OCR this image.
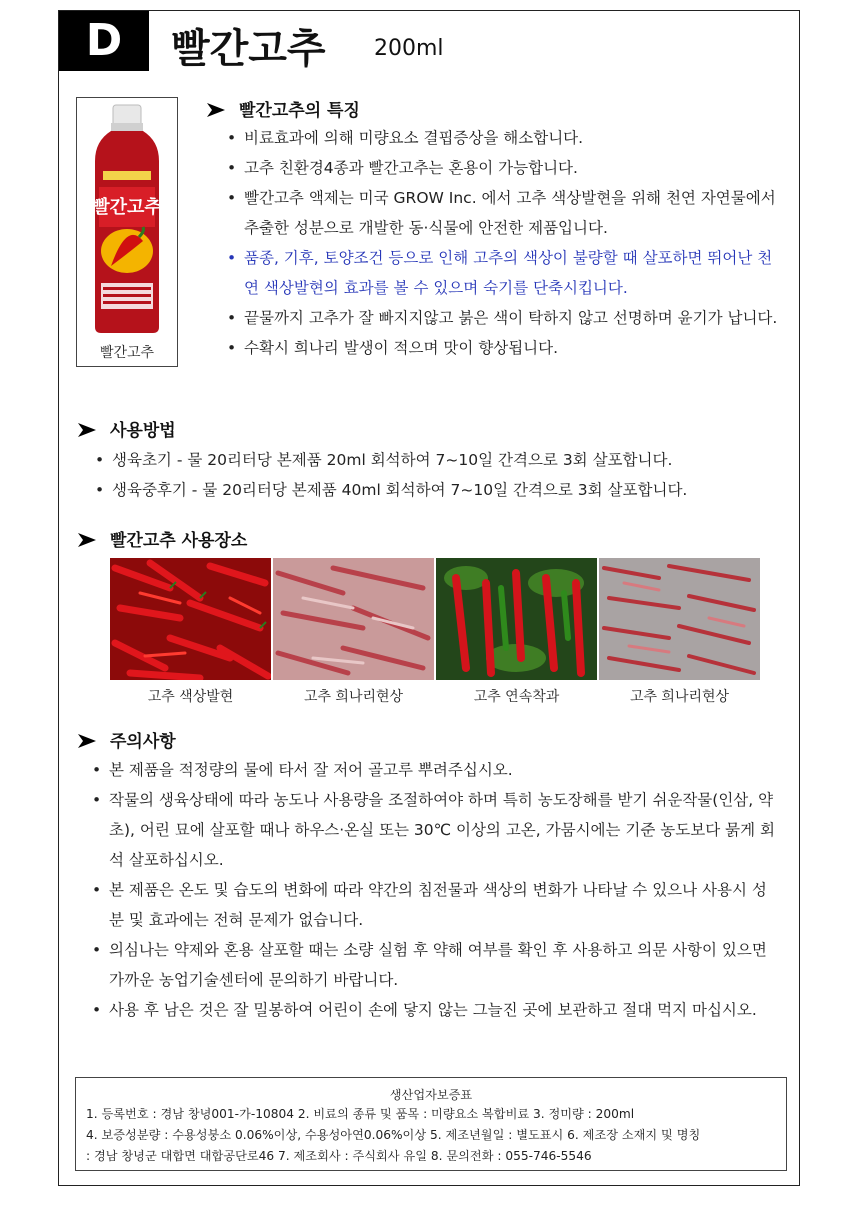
D	빨간고추 200ml
빨간고추
빨간고추
빨간고추의 특징
• 비료효과에 의해 미량요소 결핍증상을 해소합니다.
• 고추 친환경4종과 빨간고추는 혼용이 가능합니다.
• 빨간고추 액제는 미국 GROW Inc. 에서 고추 색상발현을 위해 천연 자연물에서 추출한 성분으로 개발한 동·식물에 안전한 제품입니다.
• 품종, 기후, 토양조건 등으로 인해 고추의 색상이 불량할 때 살포하면 뛰어난 천연 색상발현의 효과를 볼 수 있으며 숙기를 단축시킵니다.
• 끝물까지 고추가 잘 빠지지않고 붉은 색이 탁하지 않고 선명하며 윤기가 납니다.
• 수확시 희나리 발생이 적으며 맛이 향상됩니다.
사용방법
• 생육초기 - 물 20리터당 본제품 20ml 회석하여 7~10일 간격으로 3회 살포합니다.
• 생육중후기 - 물 20리터당 본제품 40ml 회석하여 7~10일 간격으로 3회 살포합니다.
빨간고추 사용장소
고추 색상발현	고추 희나리현상	고추 연속착과	고추 희나리현상
주의사항
• 본 제품을 적정량의 물에 타서 잘 저어 골고루 뿌려주십시오.
• 작물의 생육상태에 따라 농도나 사용량을 조절하여야 하며 특히 농도장해를 받기 쉬운작물(인삼, 약초), 어린 묘에 살포할 때나 하우스·온실 또는 30℃ 이상의 고온, 가뭄시에는 기준 농도보다 묽게 회석 살포하십시오.
• 본 제품은 온도 및 습도의 변화에 따라 약간의 침전물과 색상의 변화가 나타날 수 있으나 사용시 성분 및 효과에는 전혀 문제가 없습니다.
• 의심나는 약제와 혼용 살포할 때는 소량 실험 후 약해 여부를 확인 후 사용하고 의문 사항이 있으면 가까운 농업기술센터에 문의하기 바랍니다.
• 사용 후 남은 것은 잘 밀봉하여 어린이 손에 닿지 않는 그늘진 곳에 보관하고 절대 먹지 마십시오.
생산업자보증표
1. 등록번호 : 경남 창녕001-가-10804 2. 비료의 종류 및 품목 : 미량요소 복합비료 3. 정미량 : 200ml
4. 보증성분량 : 수용성붕소 0.06%이상, 수용성아연0.06%이상 5. 제조년월일 : 별도표시 6. 제조장 소재지 및 명칭
: 경남 창녕군 대합면 대합공단로46 7. 제조회사 : 주식회사 유일 8. 문의전화 : 055-746-5546
